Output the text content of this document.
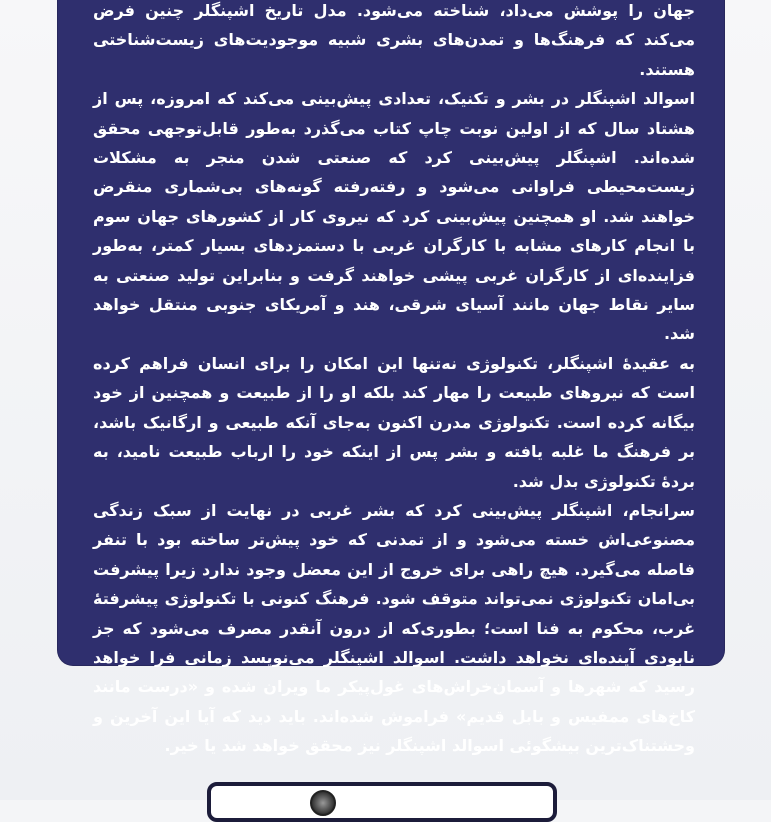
جهان را پوشش می‌داد، شناخته می‌شود. مدل تاریخ اشپنگلر چنین فرض می‌کند که فرهنگ‌ها و تمدن‌های بشری شبیه موجودیت‌های زیست‌شناختی هستند.

اسوالد اشپنگلر در بشر و تکنیک، تعدادی پیش‌بینی می‌کند که امروزه، پس از هشتاد سال که از اولین نوبت چاپ کتاب می‌گذرد به‌طور قابل‌توجهی محقق شده‌اند. اشپنگلر پیش‌بینی کرد که صنعتی شدن منجر به مشکلات زیست‌محیطی فراوانی می‌شود و رفته‌رفته گونه‌های بی‌شماری منقرض خواهند شد. او همچنین پیش‌بینی کرد که نیروی کار از کشورهای جهان سوم با انجام کارهای مشابه با کارگران غربی با دستمزدهای بسیار کمتر، به‌طور فزاینده‌ای از کارگران غربی پیشی خواهند گرفت و بنابراین تولید صنعتی به سایر نقاط جهان مانند آسیای شرقی، هند و آمریکای جنوبی منتقل خواهد شد.

به عقیدهٔ اشپنگلر، تکنولوژی نه‌تنها این امکان را برای انسان فراهم کرده است که نیروهای طبیعت را مهار کند بلکه او را از طبیعت و همچنین از خود بیگانه کرده است. تکنولوژی مدرن اکنون به‌جای آنکه طبیعی و ارگانیک باشد، بر فرهنگ ما غلبه یافته و بشر پس از اینکه خود را ارباب طبیعت نامید، به بردهٔ تکنولوژی بدل شد.

سرانجام، اشپنگلر پیش‌بینی کرد که بشر غربی در نهایت از سبک زندگی مصنوعی‌اش خسته می‌شود و از تمدنی که خود پیش‌تر ساخته بود با تنفر فاصله می‌گیرد. هیچ راهی برای خروج از این معضل وجود ندارد زیرا پیشرفت بی‌امان تکنولوژی نمی‌تواند متوقف شود. فرهنگ کنونی با تکنولوژی پیشرفتهٔ غرب، محکوم به فنا است؛ بطوری‌که از درون آنقدر مصرف می‌شود که جز نابودی آینده‌ای نخواهد داشت. اسوالد اشپنگلر می‌نویسد زمانی فرا خواهد رسید که شهرها و آسمان‌خراش‌های غول‌پیکر ما ویران شده و «درست مانند کاخ‌های ممفیس و بابل قدیم» فراموش شده‌اند. باید دید که آیا این آخرین و وحشتناک‌ترین بیشگوئی اسوالد اشپنگلر نیز محقق خواهد شد یا خیر.
